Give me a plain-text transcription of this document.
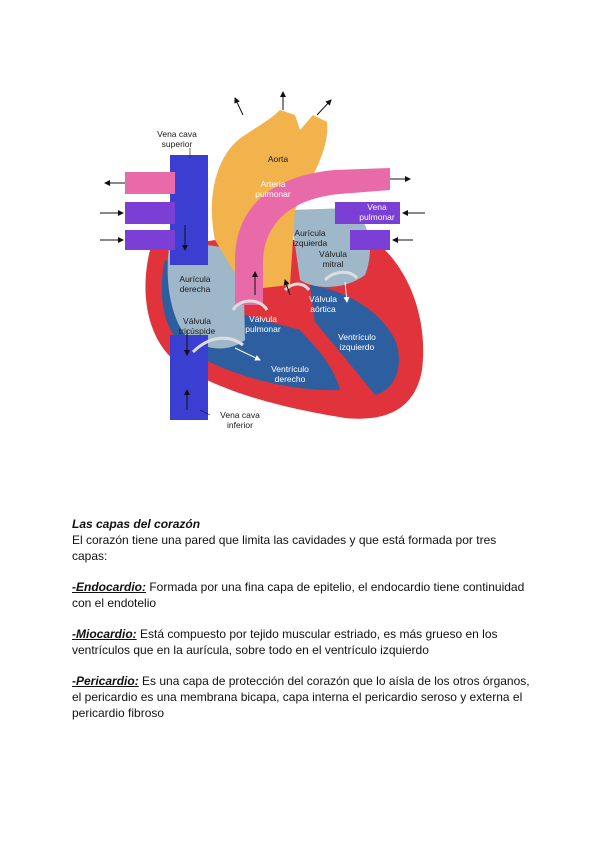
Vena cava
superior
Aorta
Arteria
pulmonar
Vena
pulmonar
Aurícula
izquierda
Válvula
mitral
Aurícula
derecha
Válvula
aórtica
Válvula
tricúspide
Válvula
pulmonar
Ventrículo
izquierdo
Ventrículo
derecho
Vena cava
inferior
Las capas del corazón

El corazón tiene una pared que limita las cavidades y que está formada por tres capas:

-Endocardio: Formada por una fina capa de epitelio, el endocardio tiene continuidad con el endotelio

-Miocardio: Está compuesto por tejido muscular estriado, es más grueso en los ventrículos que en la aurícula, sobre todo en el ventrículo izquierdo

-Pericardio: Es una capa de protección del corazón que lo aísla de los otros órganos, el pericardio es una membrana bicapa, capa interna el pericardio seroso y externa el pericardio fibroso
